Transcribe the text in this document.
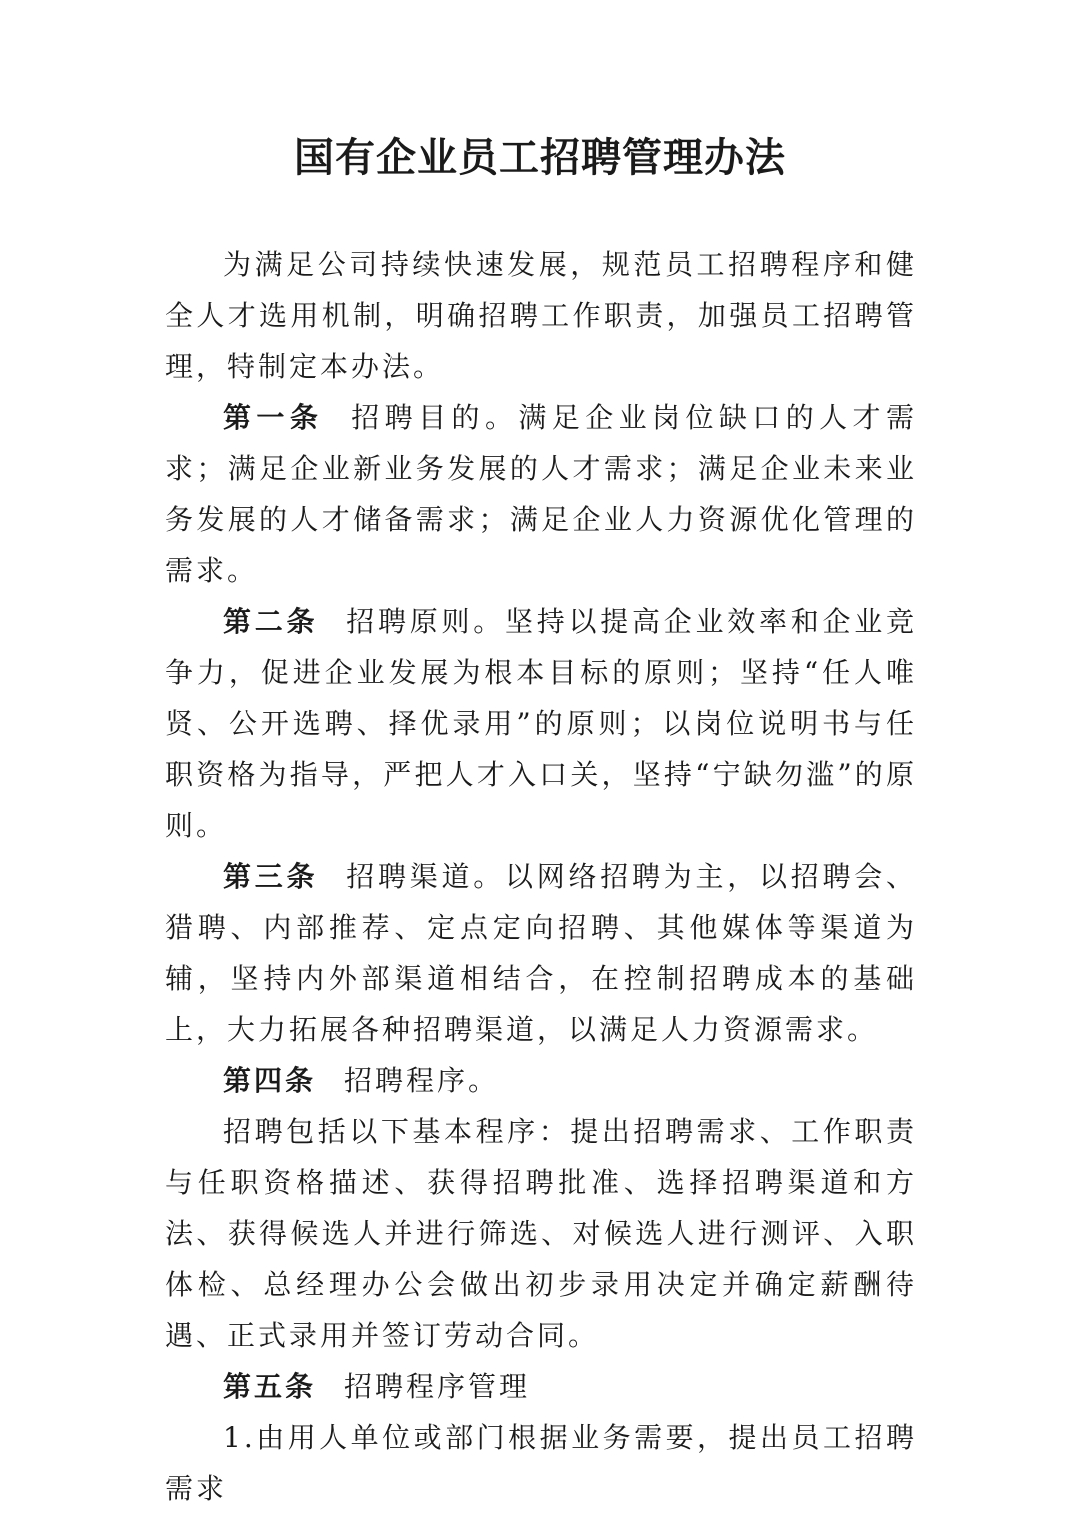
国有企业员工招聘管理办法

为满足公司持续快速发展，规范员工招聘程序和健全人才选用机制，明确招聘工作职责，加强员工招聘管理，特制定本办法。

第一条 招聘目的。满足企业岗位缺口的人才需求；满足企业新业务发展的人才需求；满足企业未来业务发展的人才储备需求；满足企业人力资源优化管理的需求。

第二条 招聘原则。坚持以提高企业效率和企业竞争力，促进企业发展为根本目标的原则；坚持“任人唯贤、公开选聘、择优录用”的原则；以岗位说明书与任职资格为指导，严把人才入口关，坚持“宁缺勿滥”的原则。

第三条 招聘渠道。以网络招聘为主，以招聘会、猎聘、内部推荐、定点定向招聘、其他媒体等渠道为辅，坚持内外部渠道相结合，在控制招聘成本的基础上，大力拓展各种招聘渠道，以满足人力资源需求。

第四条 招聘程序。

招聘包括以下基本程序：提出招聘需求、工作职责与任职资格描述、获得招聘批准、选择招聘渠道和方法、获得候选人并进行筛选、对候选人进行测评、入职体检、总经理办公会做出初步录用决定并确定薪酬待遇、正式录用并签订劳动合同。

第五条 招聘程序管理

1.由用人单位或部门根据业务需要，提出员工招聘需求
